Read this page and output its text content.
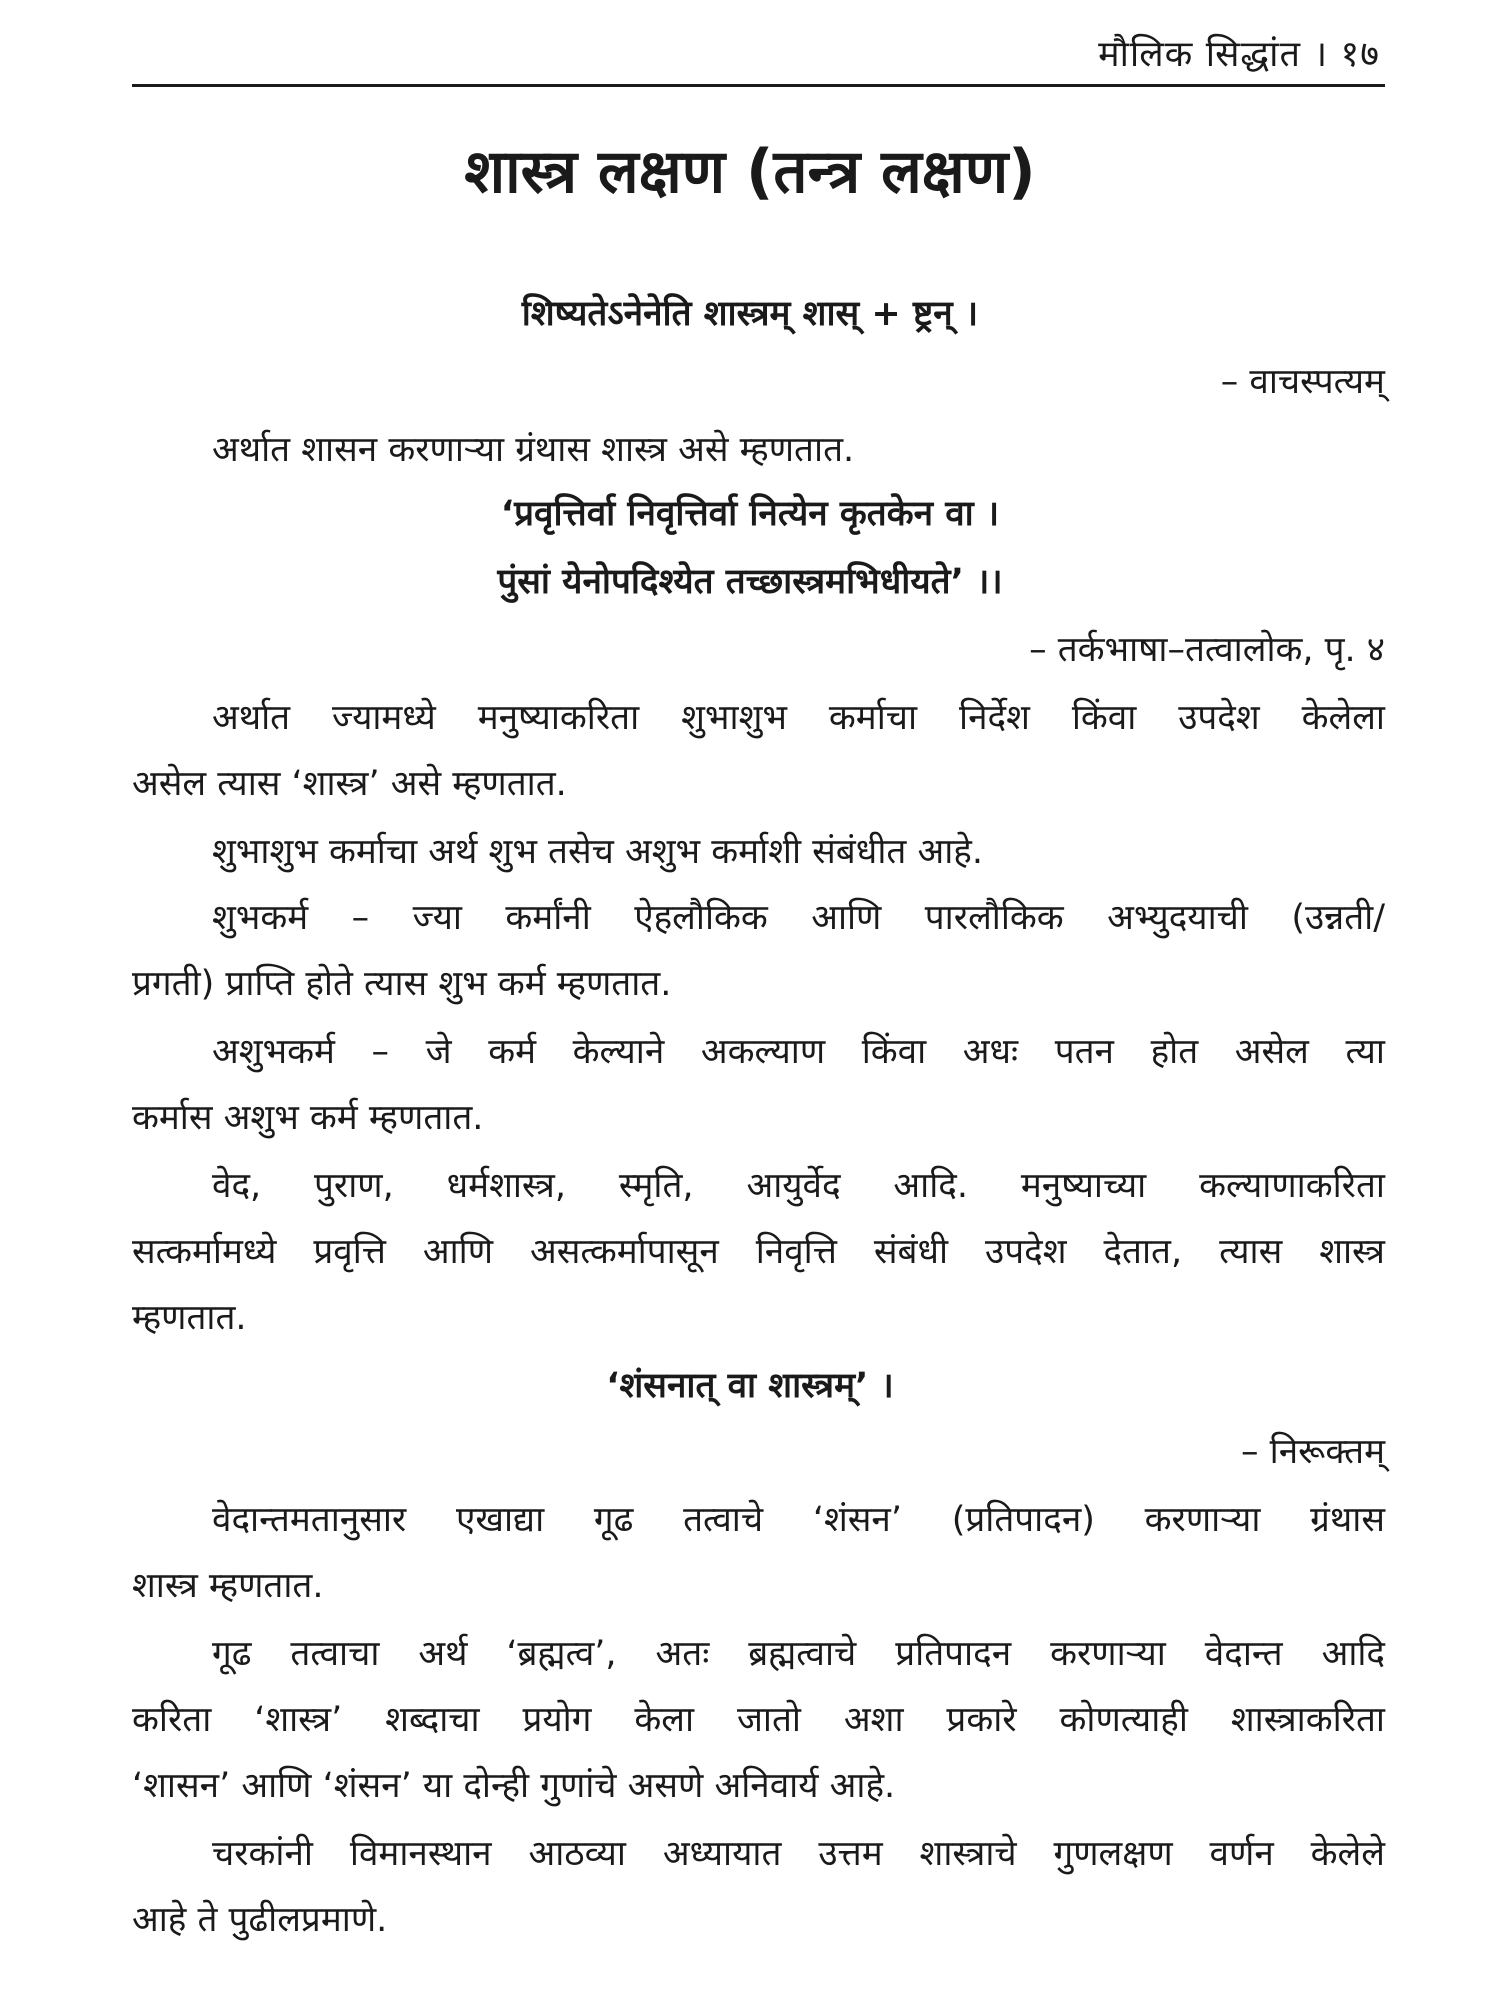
मौलिक सिद्धांत । १७
शास्त्र लक्षण (तन्त्र लक्षण)
शिष्यतेऽनेनेति शास्त्रम् शास् + ष्ट्रन् ।
– वाचस्पत्यम्
अर्थात शासन करणाऱ्या ग्रंथास शास्त्र असे म्हणतात.
‘प्रवृत्तिर्वा निवृत्तिर्वा नित्येन कृतकेन वा ।
पुंसां येनोपदिश्येत तच्छास्त्रमभिधीयते’ ।।
– तर्कभाषा–तत्वालोक, पृ. ४
अर्थात ज्यामध्ये मनुष्याकरिता शुभाशुभ कर्माचा निर्देश किंवा उपदेश केलेला
असेल त्यास ‘शास्त्र’ असे म्हणतात.
शुभाशुभ कर्माचा अर्थ शुभ तसेच अशुभ कर्माशी संबंधीत आहे.
शुभकर्म – ज्या कर्मांनी ऐहलौकिक आणि पारलौकिक अभ्युदयाची (उन्नती/
प्रगती) प्राप्ति होते त्यास शुभ कर्म म्हणतात.
अशुभकर्म – जे कर्म केल्याने अकल्याण किंवा अधः पतन होत असेल त्या
कर्मास अशुभ कर्म म्हणतात.
वेद, पुराण, धर्मशास्त्र, स्मृति, आयुर्वेद आदि. मनुष्याच्या कल्याणाकरिता
सत्कर्मामध्ये प्रवृत्ति आणि असत्कर्मापासून निवृत्ति संबंधी उपदेश देतात, त्यास शास्त्र
म्हणतात.
‘शंसनात् वा शास्त्रम्’ ।
– निरूक्तम्
वेदान्तमतानुसार एखाद्या गूढ तत्वाचे ‘शंसन’ (प्रतिपादन) करणाऱ्या ग्रंथास
शास्त्र म्हणतात.
गूढ तत्वाचा अर्थ ‘ब्रह्मत्व’, अतः ब्रह्मत्वाचे प्रतिपादन करणाऱ्या वेदान्त आदि
करिता ‘शास्त्र’ शब्दाचा प्रयोग केला जातो अशा प्रकारे कोणत्याही शास्त्राकरिता
‘शासन’ आणि ‘शंसन’ या दोन्ही गुणांचे असणे अनिवार्य आहे.
चरकांनी विमानस्थान आठव्या अध्यायात उत्तम शास्त्राचे गुणलक्षण वर्णन केलेले
आहे ते पुढीलप्रमाणे.
